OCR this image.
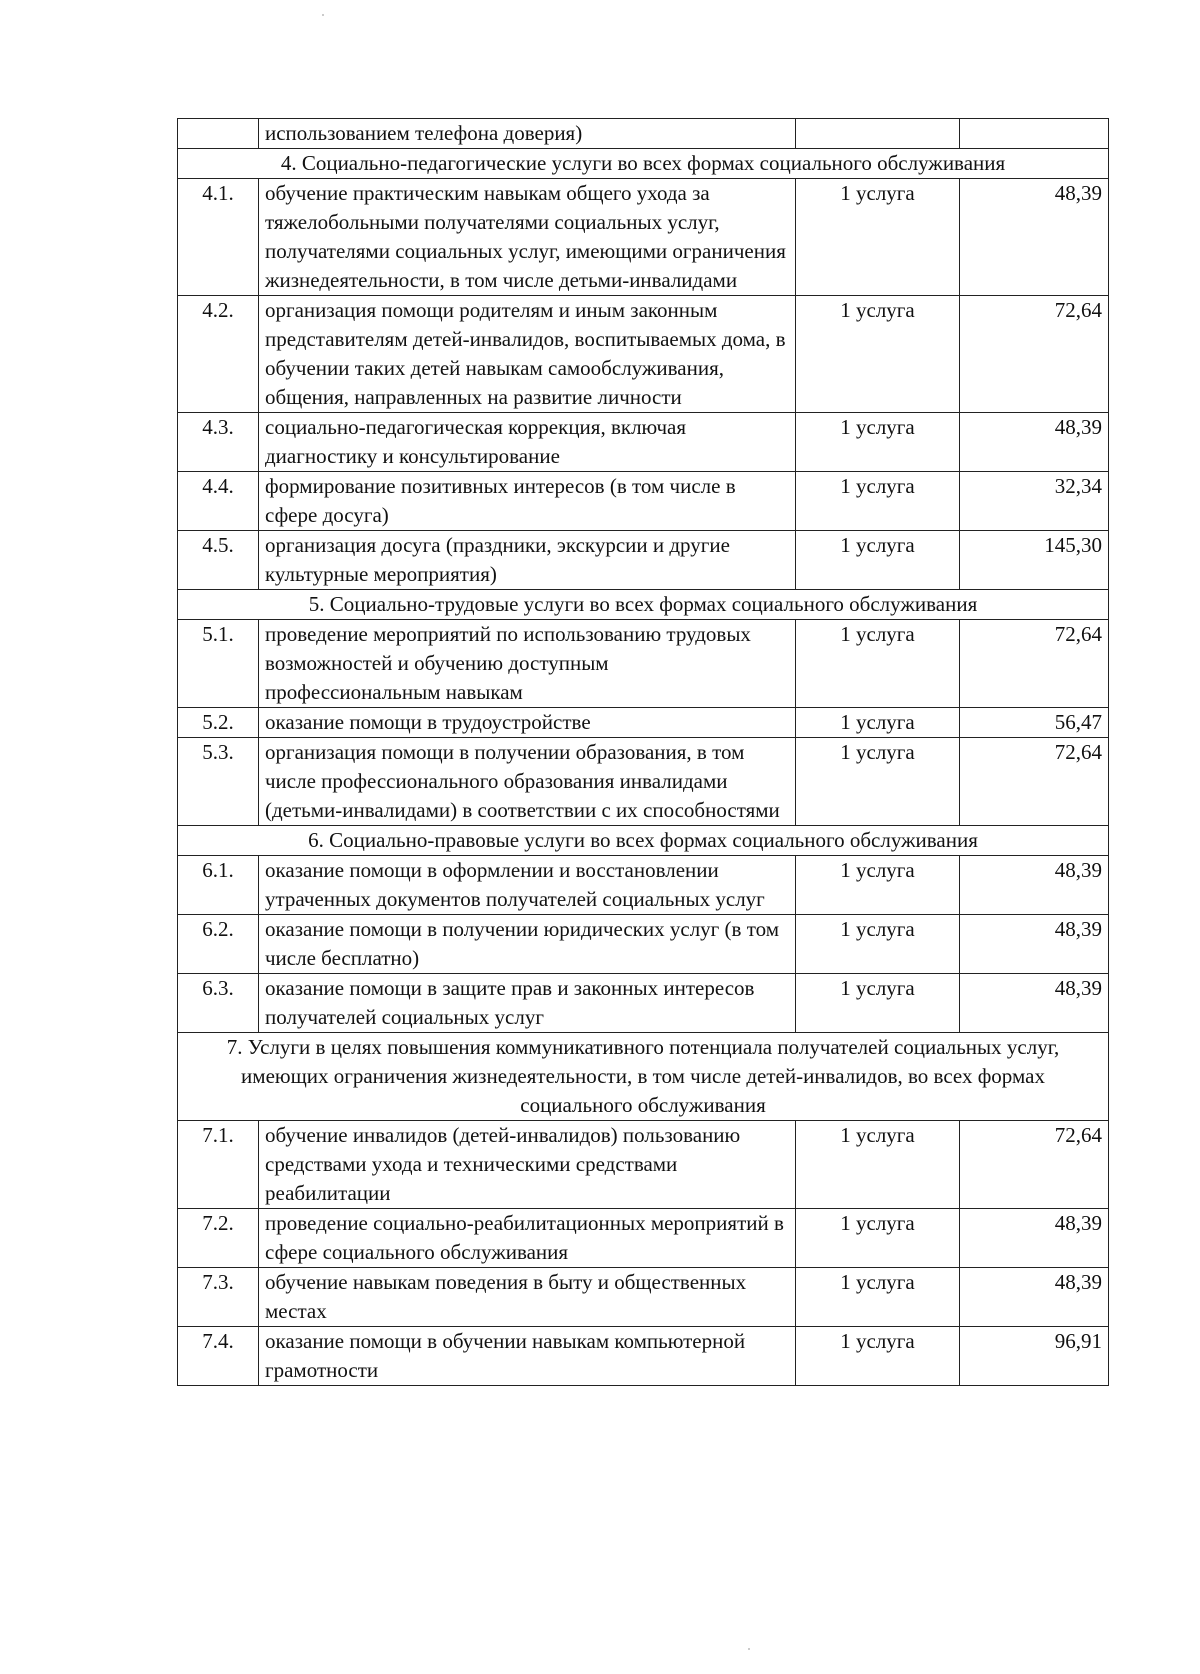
	использованием телефона доверия)		
4. Социально-педагогические услуги во всех формах социального обслуживания			
4.1.	обучение практическим навыкам общего ухода за тяжелобольными получателями социальных услуг, получателями социальных услуг, имеющими ограничения жизнедеятельности, в том числе детьми-инвалидами	1 услуга	48,39
4.2.	организация помощи родителям и иным законным представителям детей-инвалидов, воспитываемых дома, в обучении таких детей навыкам самообслуживания, общения, направленных на развитие личности	1 услуга	72,64
4.3.	социально-педагогическая коррекция, включая диагностику и консультирование	1 услуга	48,39
4.4.	формирование позитивных интересов (в том числе в сфере досуга)	1 услуга	32,34
4.5.	организация досуга (праздники, экскурсии и другие культурные мероприятия)	1 услуга	145,30
5. Социально-трудовые услуги во всех формах социального обслуживания			
5.1.	проведение мероприятий по использованию трудовых возможностей и обучению доступным профессиональным навыкам	1 услуга	72,64
5.2.	оказание помощи в трудоустройстве	1 услуга	56,47
5.3.	организация помощи в получении образования, в том числе профессионального образования инвалидами (детьми-инвалидами) в соответствии с их способностями	1 услуга	72,64
6. Социально-правовые услуги во всех формах социального обслуживания			
6.1.	оказание помощи в оформлении и восстановлении утраченных документов получателей социальных услуг	1 услуга	48,39
6.2.	оказание помощи в получении юридических услуг (в том числе бесплатно)	1 услуга	48,39
6.3.	оказание помощи в защите прав и законных интересов получателей социальных услуг	1 услуга	48,39
7. Услуги в целях повышения коммуникативного потенциала получателей социальных услуг, имеющих ограничения жизнедеятельности, в том числе детей-инвалидов, во всех формах социального обслуживания			
7.1.	обучение инвалидов (детей-инвалидов) пользованию средствами ухода и техническими средствами реабилитации	1 услуга	72,64
7.2.	проведение социально-реабилитационных мероприятий в сфере социального обслуживания	1 услуга	48,39
7.3.	обучение навыкам поведения в быту и общественных местах	1 услуга	48,39
7.4.	оказание помощи в обучении навыкам компьютерной грамотности	1 услуга	96,91
